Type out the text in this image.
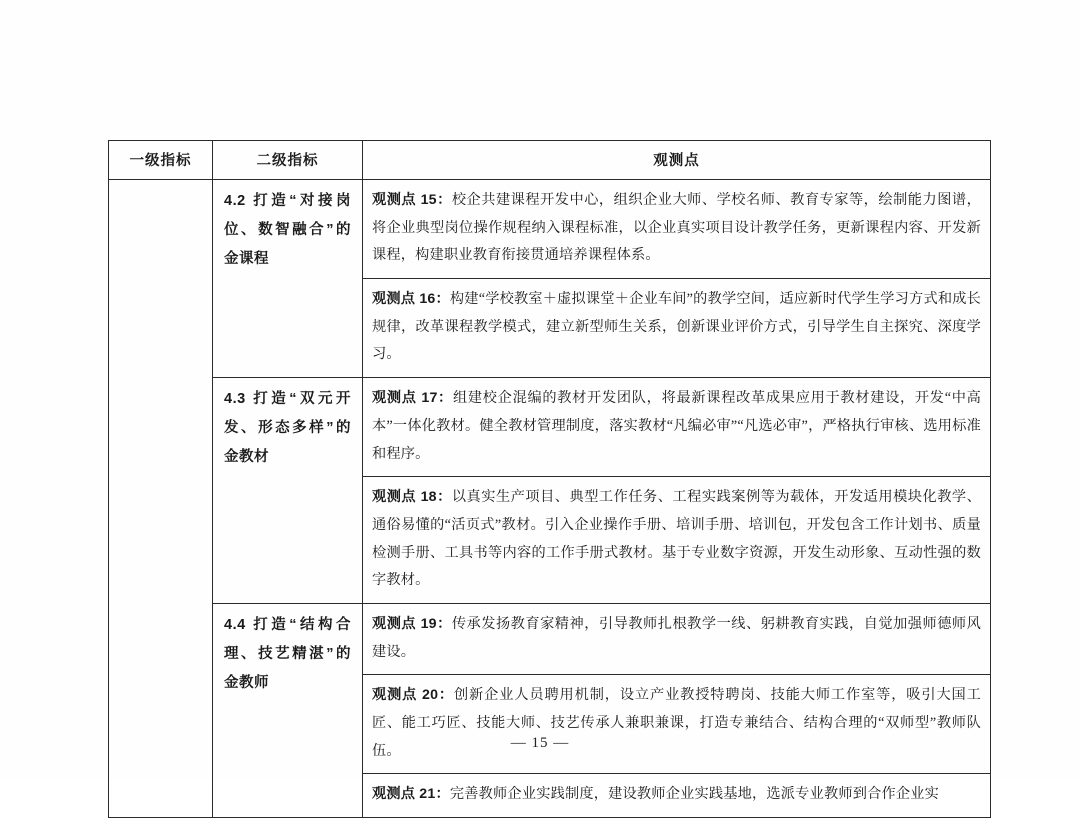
一级指标	二级指标	观测点

	4.2 打造“对接岗位、数智融合”的金课程	观测点 15：校企共建课程开发中心，组织企业大师、学校名师、教育专家等，绘制能力图谱，将企业典型岗位操作规程纳入课程标准，以企业真实项目设计教学任务，更新课程内容、开发新课程，构建职业教育衔接贯通培养课程体系。
		观测点 16：构建“学校教室＋虚拟课堂＋企业车间”的教学空间，适应新时代学生学习方式和成长规律，改革课程教学模式，建立新型师生关系，创新课业评价方式，引导学生自主探究、深度学习。

	4.3 打造“双元开发、形态多样”的金教材	观测点 17：组建校企混编的教材开发团队，将最新课程改革成果应用于教材建设，开发“中高本”一体化教材。健全教材管理制度，落实教材“凡编必审”“凡选必审”，严格执行审核、选用标准和程序。
		观测点 18：以真实生产项目、典型工作任务、工程实践案例等为载体，开发适用模块化教学、通俗易懂的“活页式”教材。引入企业操作手册、培训手册、培训包，开发包含工作计划书、质量检测手册、工具书等内容的工作手册式教材。基于专业数字资源，开发生动形象、互动性强的数字教材。

	4.4 打造“结构合理、技艺精湛”的金教师	观测点 19：传承发扬教育家精神，引导教师扎根教学一线、躬耕教育实践，自觉加强师德师风建设。
		观测点 20：创新企业人员聘用机制，设立产业教授特聘岗、技能大师工作室等，吸引大国工匠、能工巧匠、技能大师、技艺传承人兼职兼课，打造专兼结合、结构合理的“双师型”教师队伍。
		观测点 21：完善教师企业实践制度，建设教师企业实践基地，选派专业教师到合作企业实
— 15 —
